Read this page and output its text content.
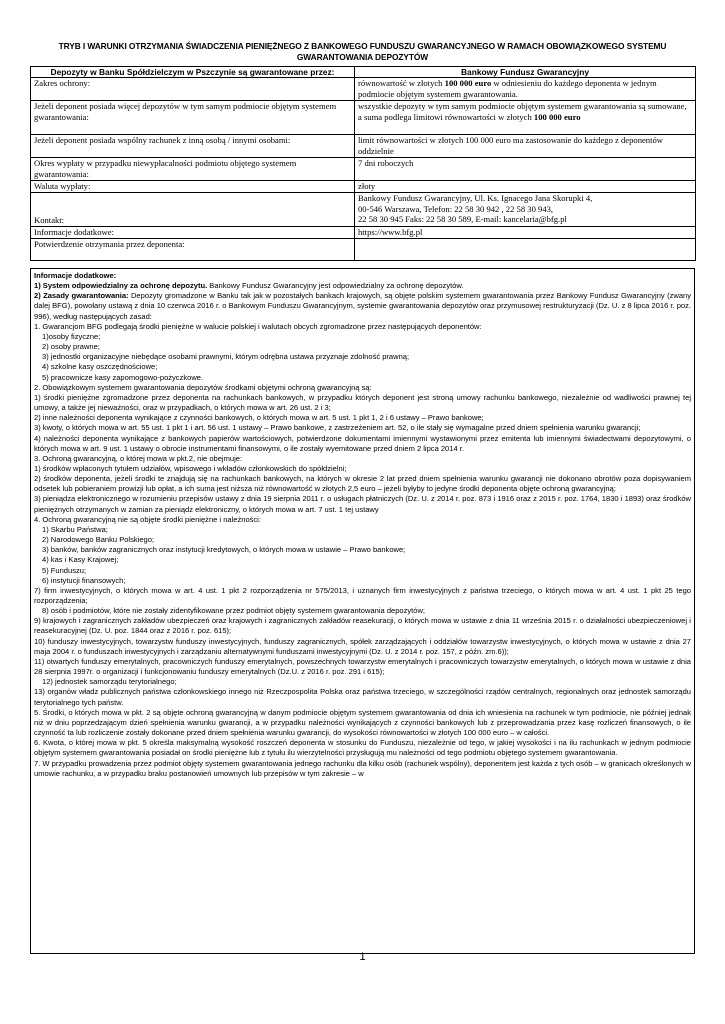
TRYB I WARUNKI OTRZYMANIA ŚWIADCZENIA PIENIĘŻNEGO Z BANKOWEGO FUNDUSZU GWARANCYJNEGO W RAMACH OBOWIĄZKOWEGO SYSTEMU GWARANTOWANIA DEPOZYTÓW
Depozyty w Banku Spółdzielczym w Pszczynie są gwarantowane przez:	Bankowy Fundusz Gwarancyjny
Zakres ochrony:	równowartość w złotych 100 000 euro w odniesieniu do każdego deponenta w jednym podmiocie objętym systemem gwarantowania.
Jeżeli deponent posiada więcej depozytów w tym samym podmiocie objętym systemem gwarantowania:	wszystkie depozyty w tym samym podmiocie objętym systemem gwarantowania są sumowane, a suma podlega limitowi równowartości w złotych 100 000 euro
Jeżeli deponent posiada wspólny rachunek z inną osobą / innymi osobami:	limit równowartości w złotych 100 000 euro ma zastosowanie do każdego z deponentów oddzielnie
Okres wypłaty w przypadku niewypłacalności podmiotu objętego systemem gwarantowania:	7 dni roboczych
Waluta wypłaty:	złoty
Kontakt:	Bankowy Fundusz Gwarancyjny, Ul. Ks. Ignacego Jana Skorupki 4,
00-546 Warszawa, Telefon: 22 58 30 942 , 22 58 30 943,
22 58 30 945 Faks: 22 58 30 589, E-mail: kancelaria@bfg.pl

Informacje dodatkowe:	https://www.bfg.pl
Potwierdzenie otrzymania przez deponenta:	

Informacje dodatkowe:

1) System odpowiedzialny za ochronę depozytu. Bankowy Fundusz Gwarancyjny jest odpowiedzialny za ochronę depozytów.

2) Zasady gwarantowania: Depozyty gromadzone w Banku tak jak w pozostałych bankach krajowych, są objęte polskim systemem gwarantowania przez Bankowy Fundusz Gwarancyjny (zwany dalej BFG), powołany ustawą z dnia 10 czerwca 2016 r. o Bankowym Funduszu Gwarancyjnym, systemie gwarantowania depozytów oraz przymusowej restrukturyzacji (Dz. U. z 8 lipca 2016 r. poz. 996), według następujących zasad:

1. Gwarancjom BFG podlegają środki pieniężne w walucie polskiej i walutach obcych zgromadzone przez następujących deponentów:

1)osoby fizyczne;

2) osoby prawne;

3) jednostki organizacyjne niebędące osobami prawnymi, którym odrębna ustawa przyznaje zdolność prawną;

4) szkolne kasy oszczędnościowe;

5) pracownicze kasy zapomogowo-pożyczkowe.

2. Obowiązkowym systemem gwarantowania depozytów środkami objętymi ochroną gwarancyjną są:

1) środki pieniężne zgromadzone przez deponenta na rachunkach bankowych, w przypadku których deponent jest stroną umowy rachunku bankowego, niezależnie od wadliwości prawnej tej umowy, a także jej nieważności, oraz w przypadkach, o których mowa w art. 26 ust. 2 i 3;

2) inne należności deponenta wynikające z czynności bankowych, o których mowa w art. 5 ust. 1 pkt 1, 2 i 6 ustawy – Prawo bankowe;

3) kwoty, o których mowa w art. 55 ust. 1 pkt 1 i art. 56 ust. 1 ustawy – Prawo bankowe, z zastrzeżeniem art. 52, o ile stały się wymagalne przed dniem spełnienia warunku gwarancji;

4) należności deponenta wynikające z bankowych papierów wartościowych, potwierdzone dokumentami imiennymi wystawionymi przez emitenta lub imiennymi świadectwami depozytowymi, o których mowa w art. 9 ust. 1 ustawy o obrocie instrumentami finansowymi, o ile zostały wyemitowane przed dniem 2 lipca 2014 r.

3. Ochroną gwarancyjną, o której mowa w pkt.2, nie obejmuje:

1) środków wpłaconych tytułem udziałów, wpisowego i wkładów członkowskich do spółdzielni;

2) środków deponenta, jeżeli środki te znajdują się na rachunkach bankowych, na których w okresie 2 lat przed dniem spełnienia warunku gwarancji nie dokonano obrotów poza dopisywaniem odsetek lub pobieraniem prowizji lub opłat, a ich suma jest niższa niż równowartość w złotych 2,5 euro – jeżeli byłyby to jedyne środki deponenta objęte ochroną gwarancyjną;

3) pieniądza elektronicznego w rozumieniu przepisów ustawy z dnia 19 sierpnia 2011 r. o usługach płatniczych (Dz. U. z 2014 r. poz. 873 i 1916 oraz z 2015 r. poz. 1764, 1830 i 1893) oraz środków pieniężnych otrzymanych w zamian za pieniądz elektroniczny, o których mowa w art. 7 ust. 1 tej ustawy

4. Ochroną gwarancyjną nie są objęte środki pieniężne i należności:

1) Skarbu Państwa;

2) Narodowego Banku Polskiego;

3) banków, banków zagranicznych oraz instytucji kredytowych, o których mowa w ustawie – Prawo bankowe;

4) kas i Kasy Krajowej;

5) Funduszu;

6) instytucji finansowych;

7) firm inwestycyjnych, o których mowa w art. 4 ust. 1 pkt 2 rozporządzenia nr 575/2013, i uznanych firm inwestycyjnych z państwa trzeciego, o których mowa w art. 4 ust. 1 pkt 25 tego rozporządzenia;

8) osób i podmiotów, które nie zostały zidentyfikowane przez podmiot objęty systemem gwarantowania depozytów;

9) krajowych i zagranicznych zakładów ubezpieczeń oraz krajowych i zagranicznych zakładów reasekuracji, o których mowa w ustawie z dnia 11 września 2015 r. o działalności ubezpieczeniowej i reasekuracyjnej (Dz. U. poz. 1844 oraz z 2016 r. poz. 615);

10) funduszy inwestycyjnych, towarzystw funduszy inwestycyjnych, funduszy zagranicznych, spółek zarządzających i oddziałów towarzystw inwestycyjnych, o których mowa w ustawie z dnia 27 maja 2004 r. o funduszach inwestycyjnych i zarządzaniu alternatywnymi funduszami inwestycyjnymi (Dz. U. z 2014 r. poz. 157, z późn. zm.6));

11) otwartych funduszy emerytalnych, pracowniczych funduszy emerytalnych, powszechnych towarzystw emerytalnych i pracowniczych towarzystw emerytalnych, o których mowa w ustawie z dnia 28 sierpnia 1997r. o organizacji i funkcjonowaniu funduszy emerytalnych (Dz.U. z 2016 r. poz. 291 i 615);

12) jednostek samorządu terytorialnego;

13) organów władz publicznych państwa członkowskiego innego niż Rzeczpospolita Polska oraz państwa trzeciego, w szczególności rządów centralnych, regionalnych oraz jednostek samorządu terytorialnego tych państw.

5. Środki, o których mowa w pkt. 2 są objęte ochroną gwarancyjną w danym podmiocie objętym systemem gwarantowania od dnia ich wniesienia na rachunek w tym podmiocie, nie później jednak niż w dniu poprzedzającym dzień spełnienia warunku gwarancji, a w przypadku należności wynikających z czynności bankowych lub z przeprowadzania przez kasę rozliczeń finansowych, o ile czynność ta lub rozliczenie zostały dokonane przed dniem spełnienia warunku gwarancji, do wysokości równowartości w złotych 100 000 euro – w całości.

6. Kwota, o której mowa w pkt. 5 określa maksymalną wysokość roszczeń deponenta w stosunku do Funduszu, niezależnie od tego, w jakiej wysokości i na ilu rachunkach w jednym podmiocie objętym systemem gwarantowania posiadał on środki pieniężne lub z tytułu ilu wierzytelności przysługują mu należności od tego podmiotu objętego systemem gwarantowania.

7. W przypadku prowadzenia przez podmiot objęty systemem gwarantowania jednego rachunku dla kilku osób (rachunek wspólny), deponentem jest każda z tych osób – w granicach określonych w umowie rachunku, a w przypadku braku postanowień umownych lub przepisów w tym zakresie – w

1
